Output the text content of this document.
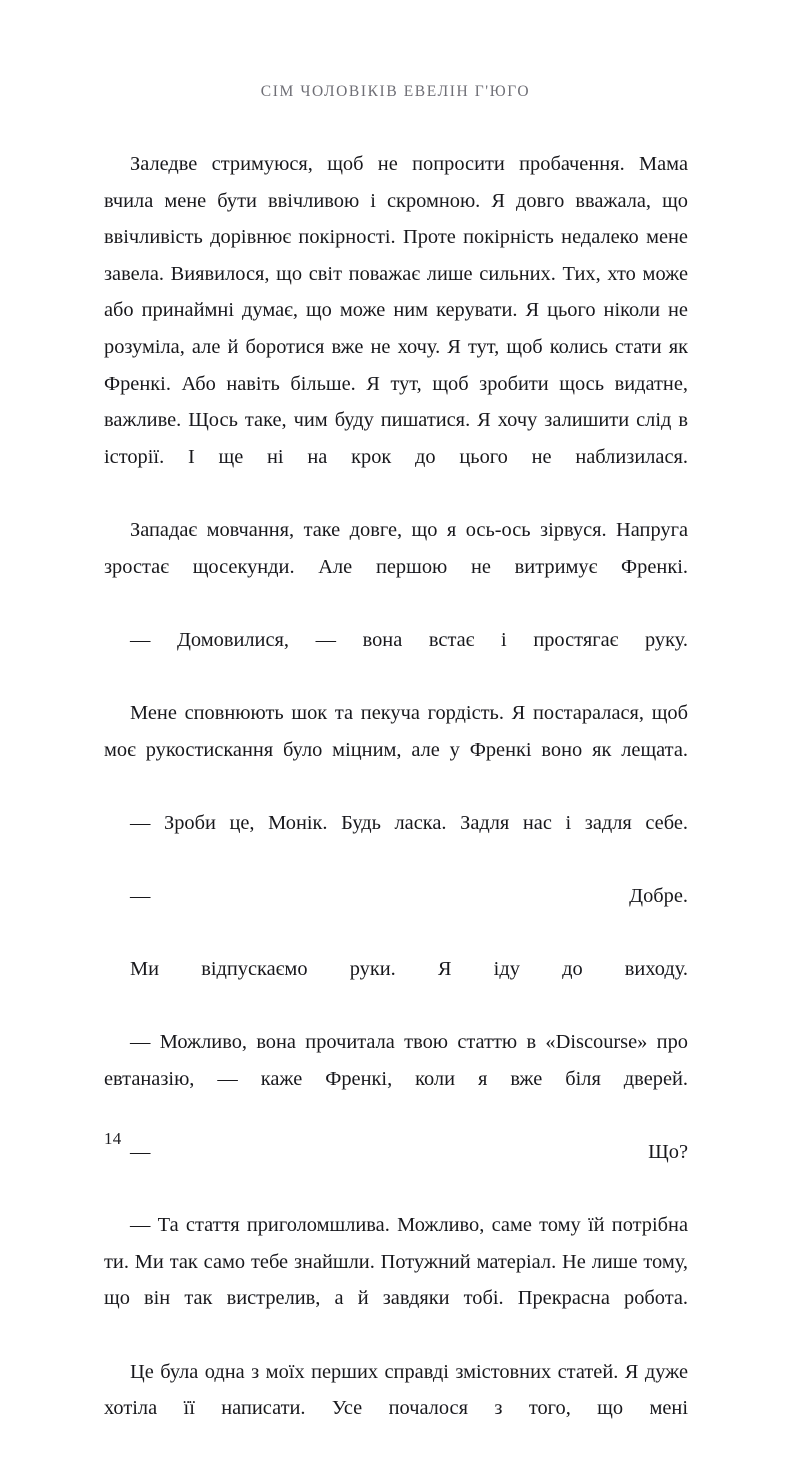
СІМ ЧОЛОВІКІВ ЕВЕЛІН Г'ЮГО

Заледве стримуюся, щоб не попросити пробачення. Мама вчила мене бути ввічливою і скромною. Я довго вважала, що ввічливість дорівнює покірності. Проте покірність недалеко мене завела. Виявилося, що світ поважає лише сильних. Тих, хто може або принаймні думає, що може ним керувати. Я цього ніколи не розуміла, але й боротися вже не хочу. Я тут, щоб колись стати як Френкі. Або навіть більше. Я тут, щоб зробити щось видатне, важливе. Щось таке, чим буду пишатися. Я хочу залишити слід в історії. І ще ні на крок до цього не наблизилася.

Западає мовчання, таке довге, що я ось-ось зірвуся. Напруга зростає щосекунди. Але першою не витримує Френкі.

— Домовилися, — вона встає і простягає руку.

Мене сповнюють шок та пекуча гордість. Я постаралася, щоб моє рукостискання було міцним, але у Френкі воно як лещата.

— Зроби це, Монік. Будь ласка. Задля нас і задля себе.

— Добре.

Ми відпускаємо руки. Я іду до виходу.

— Можливо, вона прочитала твою статтю в «Discourse» про евтаназію, — каже Френкі, коли я вже біля дверей.

— Що?

— Та стаття приголомшлива. Можливо, саме тому їй потрібна ти. Ми так само тебе знайшли. Потужний матеріал. Не лише тому, що він так вистрелив, а й завдяки тобі. Прекрасна робота.

Це була одна з моїх перших справді змістовних статей. Я дуже хотіла її написати. Усе почалося з того, що мені

14
